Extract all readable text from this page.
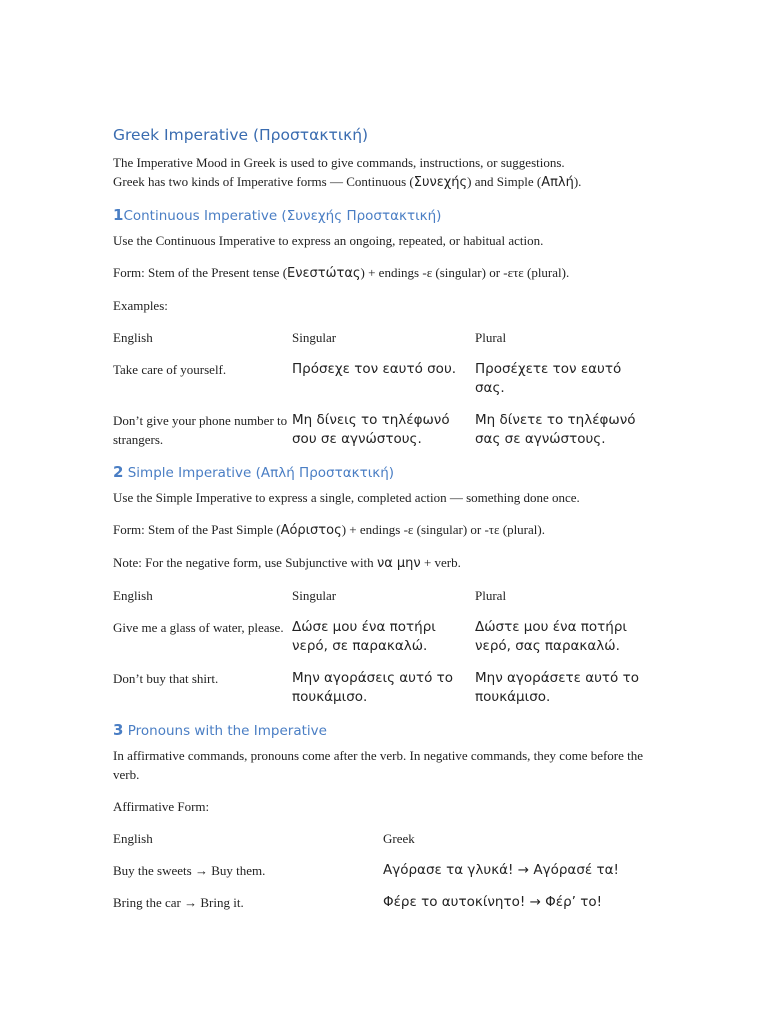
Greek Imperative (Προστακτική)

The Imperative Mood in Greek is used to give commands, instructions, or suggestions.

Greek has two kinds of Imperative forms — Continuous (Συνεχής) and Simple (Απλή).

1Continuous Imperative (Συνεχής Προστακτική)

Use the Continuous Imperative to express an ongoing, repeated, or habitual action.

Form: Stem of the Present tense (Ενεστώτας) + endings -ε (singular) or -ετε (plural).

Examples:

English	Singular	Plural
Take care of yourself.	Πρόσεχε τον εαυτό σου.	Προσέχετε τον εαυτό σας.
Don’t give your phone number to strangers.	Μη δίνεις το τηλέφωνό σου σε αγνώστους.	Μη δίνετε το τηλέφωνό σας σε αγνώστους.
2 Simple Imperative (Απλή Προστακτική)

Use the Simple Imperative to express a single, completed action — something done once.

Form: Stem of the Past Simple (Αόριστος) + endings -ε (singular) or -τε (plural).

Note: For the negative form, use Subjunctive with να μην + verb.

English	Singular	Plural
Give me a glass of water, please.	Δώσε μου ένα ποτήρι νερό, σε παρακαλώ.	Δώστε μου ένα ποτήρι νερό, σας παρακαλώ.
Don’t buy that shirt.	Μην αγοράσεις αυτό το πουκάμισο.	Μην αγοράσετε αυτό το πουκάμισο.
3 Pronouns with the Imperative

In affirmative commands, pronouns come after the verb. In negative commands, they come before the verb.

Affirmative Form:

English	Greek
Buy the sweets → Buy them.	Αγόρασε τα γλυκά! → Αγόρασέ τα!
Bring the car → Bring it.	Φέρε το αυτοκίνητο! → Φέρ’ το!
